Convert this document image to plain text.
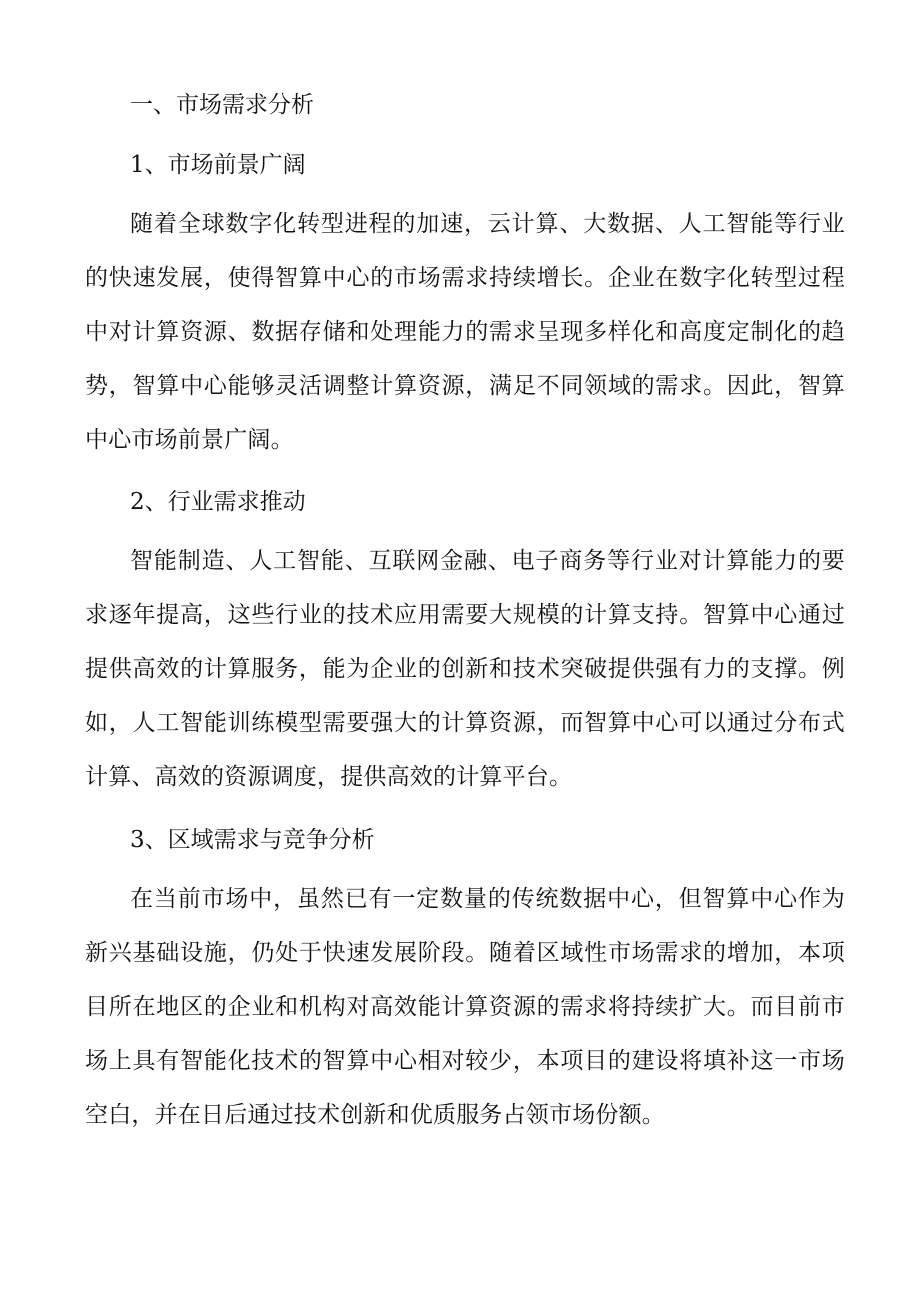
一、市场需求分析
1、市场前景广阔

随着全球数字化转型进程的加速，云计算、大数据、人工智能等行业的快速发展，使得智算中心的市场需求持续增长。企业在数字化转型过程中对计算资源、数据存储和处理能力的需求呈现多样化和高度定制化的趋势，智算中心能够灵活调整计算资源，满足不同领域的需求。因此，智算中心市场前景广阔。

2、行业需求推动

智能制造、人工智能、互联网金融、电子商务等行业对计算能力的要求逐年提高，这些行业的技术应用需要大规模的计算支持。智算中心通过提供高效的计算服务，能为企业的创新和技术突破提供强有力的支撑。例如，人工智能训练模型需要强大的计算资源，而智算中心可以通过分布式计算、高效的资源调度，提供高效的计算平台。

3、区域需求与竞争分析

在当前市场中，虽然已有一定数量的传统数据中心，但智算中心作为新兴基础设施，仍处于快速发展阶段。随着区域性市场需求的增加，本项目所在地区的企业和机构对高效能计算资源的需求将持续扩大。而目前市场上具有智能化技术的智算中心相对较少，本项目的建设将填补这一市场空白，并在日后通过技术创新和优质服务占领市场份额。
